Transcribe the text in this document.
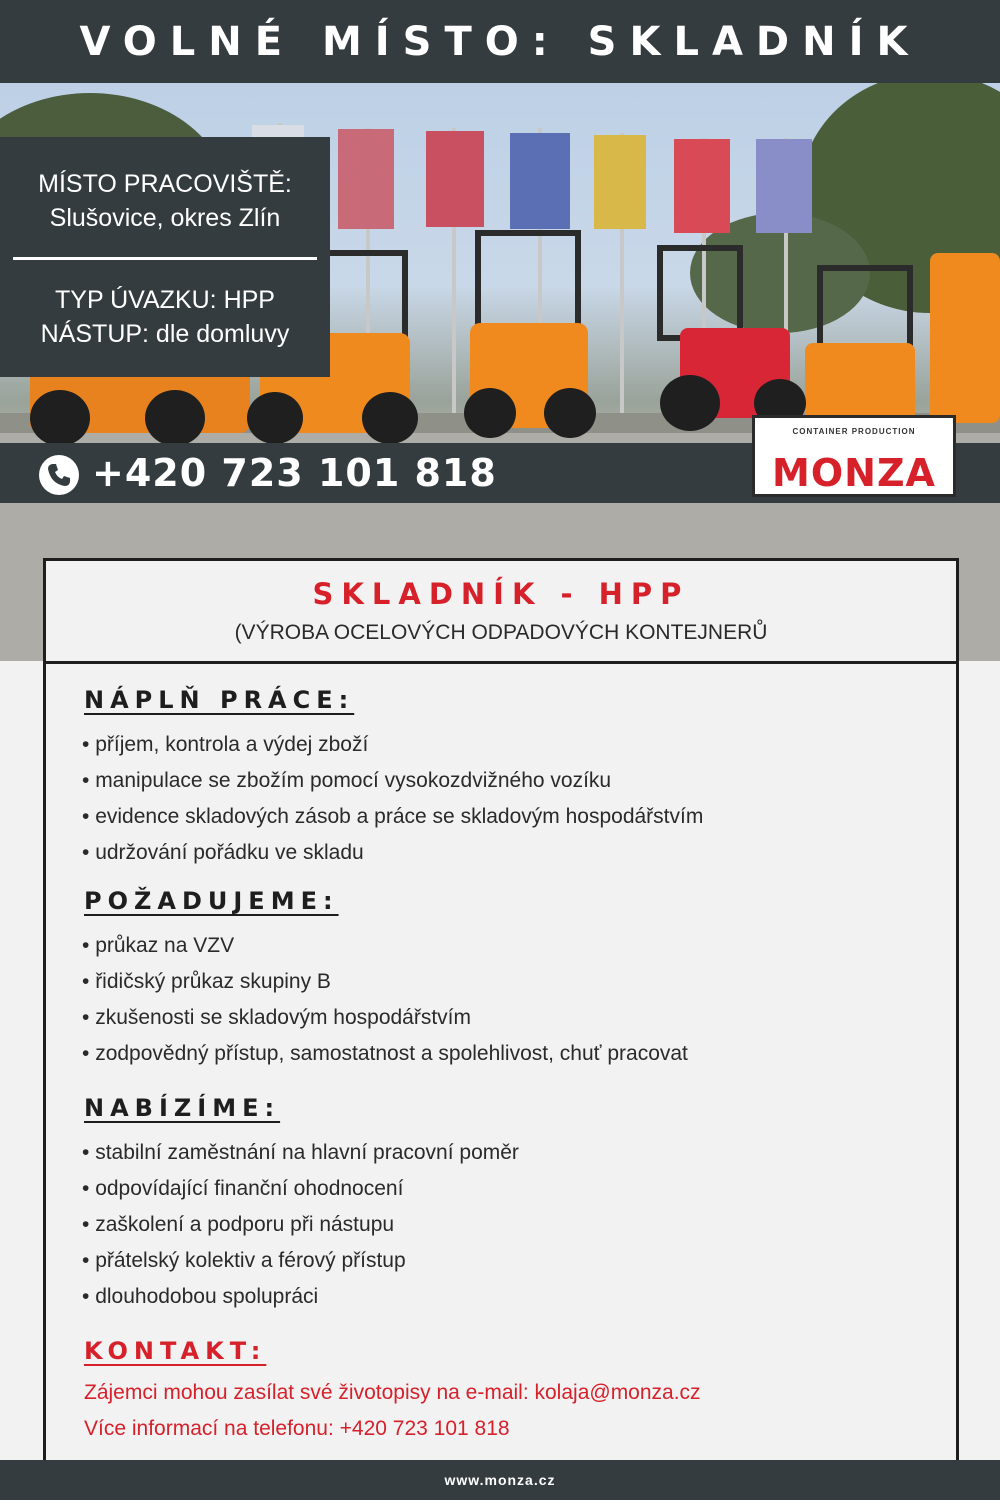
VOLNÉ MÍSTO: SKLADNÍK
MÍSTO PRACOVIŠTĚ:
Slušovice, okres Zlín
TYP ÚVAZKU: HPP
NÁSTUP: dle domluvy
+420 723 101 818
CONTAINER PRODUCTION
MONZA
SKLADNÍK - HPP
(VÝROBA OCELOVÝCH ODPADOVÝCH KONTEJNERŮ
NÁPLŇ PRÁCE:
• příjem, kontrola a výdej zboží
• manipulace se zbožím pomocí vysokozdvižného vozíku
• evidence skladových zásob a práce se skladovým hospodářstvím
• udržování pořádku ve skladu
POŽADUJEME:
• průkaz na VZV
• řidičský průkaz skupiny B
• zkušenosti se skladovým hospodářstvím
• zodpovědný přístup, samostatnost a spolehlivost, chuť pracovat
NABÍZÍME:
• stabilní zaměstnání na hlavní pracovní poměr
• odpovídající finanční ohodnocení
• zaškolení a podporu při nástupu
• přátelský kolektiv a férový přístup
• dlouhodobou spolupráci
KONTAKT:
Zájemci mohou zasílat své životopisy na e-mail: kolaja@monza.cz
Více informací na telefonu: +420 723 101 818
www.monza.cz
